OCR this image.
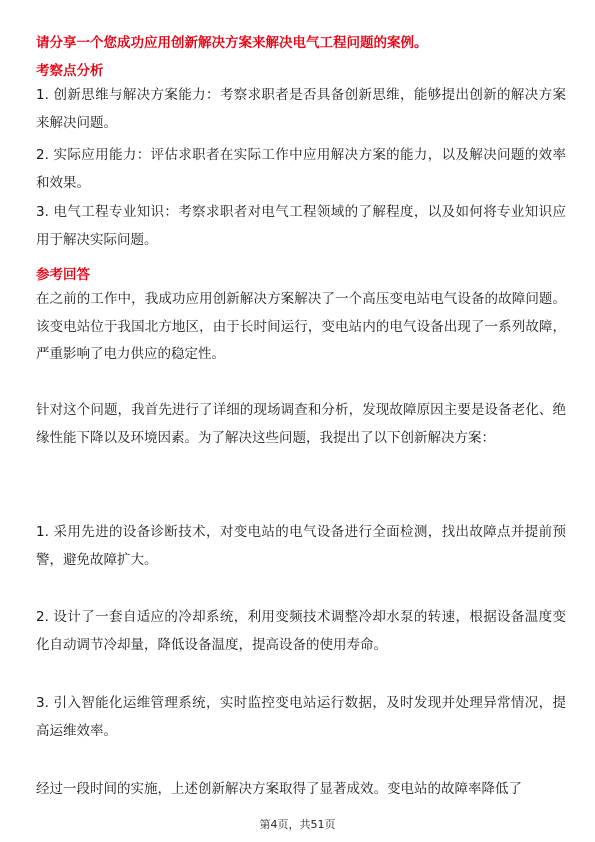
请分享一个您成功应用创新解决方案来解决电气工程问题的案例。

考察点分析

1. 创新思维与解决方案能力：考察求职者是否具备创新思维，能够提出创新的解决方案来解决问题。

2. 实际应用能力：评估求职者在实际工作中应用解决方案的能力，以及解决问题的效率和效果。

3. 电气工程专业知识：考察求职者对电气工程领域的了解程度，以及如何将专业知识应用于解决实际问题。

参考回答

在之前的工作中，我成功应用创新解决方案解决了一个高压变电站电气设备的故障问题。该变电站位于我国北方地区，由于长时间运行，变电站内的电气设备出现了一系列故障，严重影响了电力供应的稳定性。

针对这个问题，我首先进行了详细的现场调查和分析，发现故障原因主要是设备老化、绝缘性能下降以及环境因素。为了解决这些问题，我提出了以下创新解决方案：

1. 采用先进的设备诊断技术，对变电站的电气设备进行全面检测，找出故障点并提前预警，避免故障扩大。

2. 设计了一套自适应的冷却系统，利用变频技术调整冷却水泵的转速，根据设备温度变化自动调节冷却量，降低设备温度，提高设备的使用寿命。

3. 引入智能化运维管理系统，实时监控变电站运行数据，及时发现并处理异常情况，提高运维效率。

经过一段时间的实施，上述创新解决方案取得了显著成效。变电站的故障率降低了

第4页，共51页
